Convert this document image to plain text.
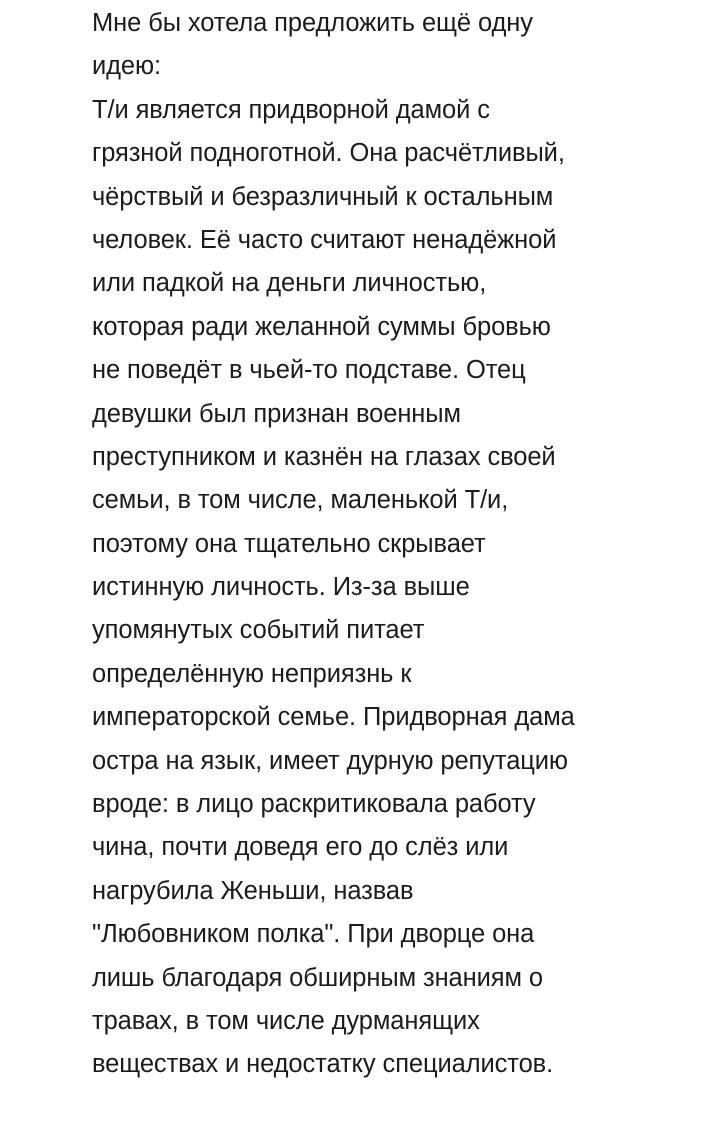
Мне бы хотела предложить ещё одну
идею:
Т/и является придворной дамой с
грязной подноготной. Она расчётливый,
чёрствый и безразличный к остальным
человек. Её часто считают ненадёжной
или падкой на деньги личностью,
которая ради желанной суммы бровью
не поведёт в чьей-то подставе. Отец
девушки был признан военным
преступником и казнён на глазах своей
семьи, в том числе, маленькой Т/и,
поэтому она тщательно скрывает
истинную личность. Из-за выше
упомянутых событий питает
определённую неприязнь к
императорской семье. Придворная дама
остра на язык, имеет дурную репутацию
вроде: в лицо раскритиковала работу
чина, почти доведя его до слёз или
нагрубила Женьши, назвав
"Любовником полка". При дворце она
лишь благодаря обширным знаниям о
травах, в том числе дурманящих
веществах и недостатку специалистов.
